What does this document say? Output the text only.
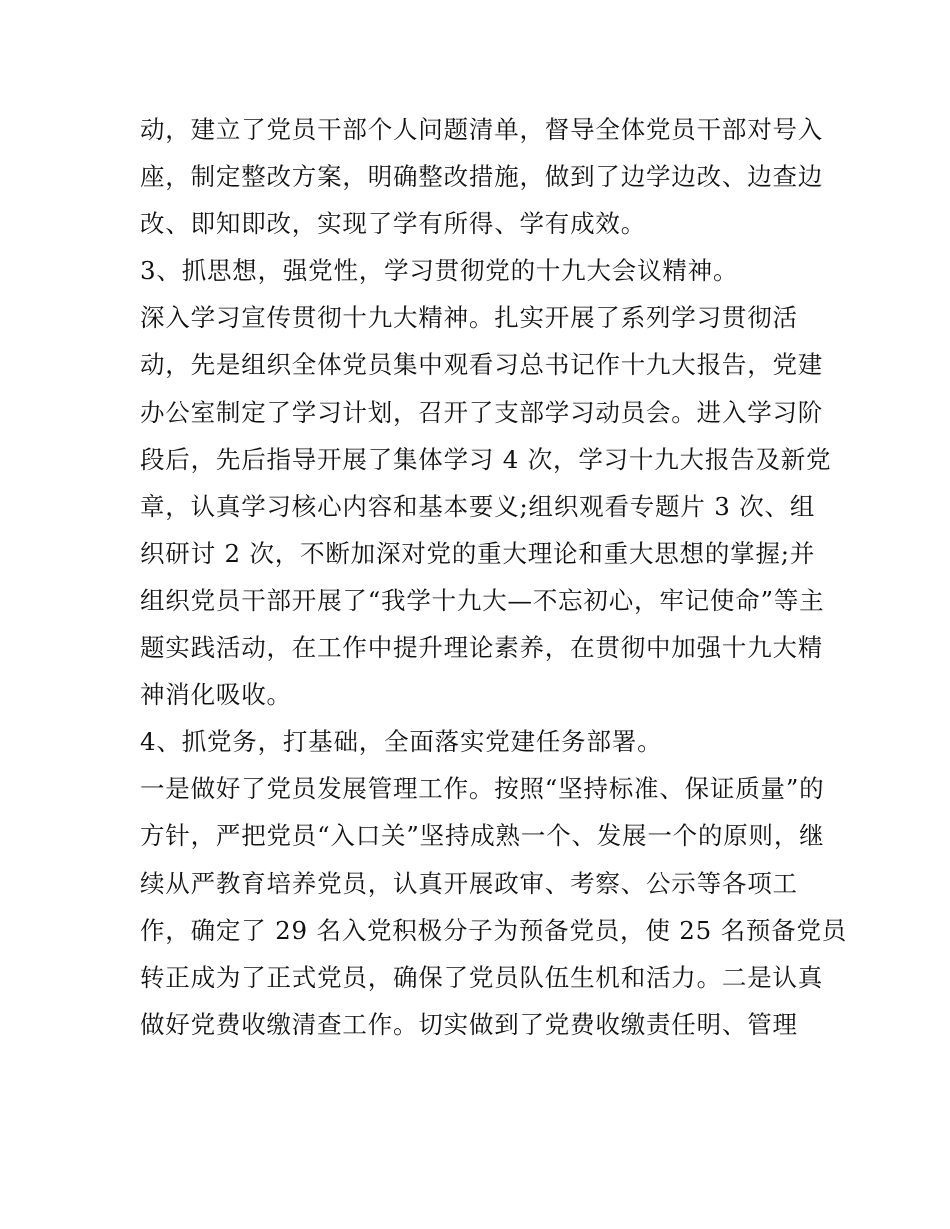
动，建立了党员干部个人问题清单，督导全体党员干部对号入
座，制定整改方案，明确整改措施，做到了边学边改、边查边
改、即知即改，实现了学有所得、学有成效。
3、抓思想，强党性，学习贯彻党的十九大会议精神。
深入学习宣传贯彻十九大精神。扎实开展了系列学习贯彻活
动，先是组织全体党员集中观看习总书记作十九大报告，党建
办公室制定了学习计划，召开了支部学习动员会。进入学习阶
段后，先后指导开展了集体学习 4 次，学习十九大报告及新党
章，认真学习核心内容和基本要义;组织观看专题片 3 次、组
织研讨 2 次，不断加深对党的重大理论和重大思想的掌握;并
组织党员干部开展了“我学十九大—不忘初心，牢记使命”等主
题实践活动，在工作中提升理论素养，在贯彻中加强十九大精
神消化吸收。
4、抓党务，打基础，全面落实党建任务部署。
一是做好了党员发展管理工作。按照“坚持标准、保证质量”的
方针，严把党员“入口关”坚持成熟一个、发展一个的原则，继
续从严教育培养党员，认真开展政审、考察、公示等各项工
作，确定了 29 名入党积极分子为预备党员，使 25 名预备党员
转正成为了正式党员，确保了党员队伍生机和活力。二是认真
做好党费收缴清查工作。切实做到了党费收缴责任明、管理
